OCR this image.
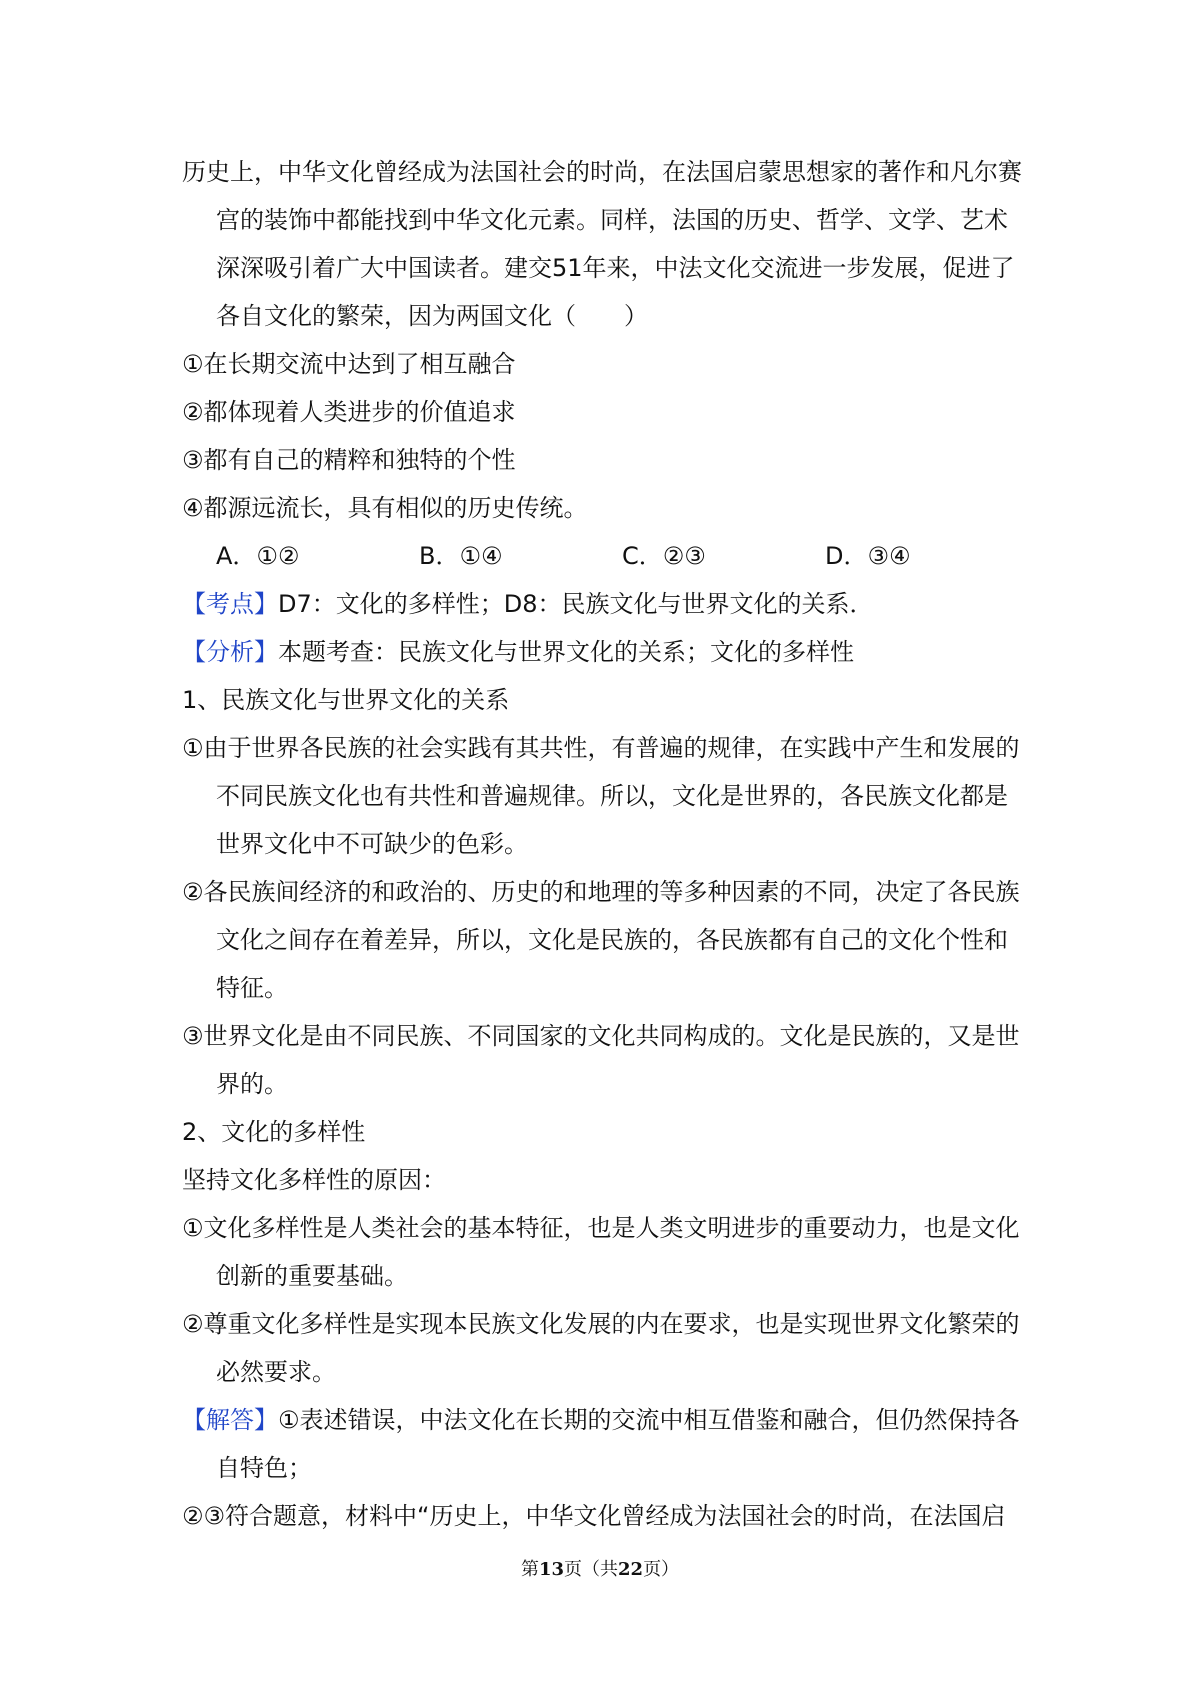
历史上，中华文化曾经成为法国社会的时尚，在法国启蒙思想家的著作和凡尔赛
宫的装饰中都能找到中华文化元素。同样，法国的历史、哲学、文学、艺术
深深吸引着广大中国读者。建交51年来，中法文化交流进一步发展，促进了
各自文化的繁荣，因为两国文化（　　）
①在长期交流中达到了相互融合
②都体现着人类进步的价值追求
③都有自己的精粹和独特的个性
④都源远流长，具有相似的历史传统。
A．①②	B．①④	C．②③	D．③④
【考点】D7：文化的多样性；D8：民族文化与世界文化的关系．
【分析】本题考查：民族文化与世界文化的关系；文化的多样性
1、民族文化与世界文化的关系
①由于世界各民族的社会实践有其共性，有普遍的规律，在实践中产生和发展的
不同民族文化也有共性和普遍规律。所以，文化是世界的，各民族文化都是
世界文化中不可缺少的色彩。
②各民族间经济的和政治的、历史的和地理的等多种因素的不同，决定了各民族
文化之间存在着差异，所以，文化是民族的，各民族都有自己的文化个性和
特征。
③世界文化是由不同民族、不同国家的文化共同构成的。文化是民族的，又是世
界的。
2、文化的多样性
坚持文化多样性的原因：
①文化多样性是人类社会的基本特征，也是人类文明进步的重要动力，也是文化
创新的重要基础。
②尊重文化多样性是实现本民族文化发展的内在要求，也是实现世界文化繁荣的
必然要求。
【解答】①表述错误，中法文化在长期的交流中相互借鉴和融合，但仍然保持各
自特色；
②③符合题意，材料中“历史上，中华文化曾经成为法国社会的时尚，在法国启
第13页（共22页）
